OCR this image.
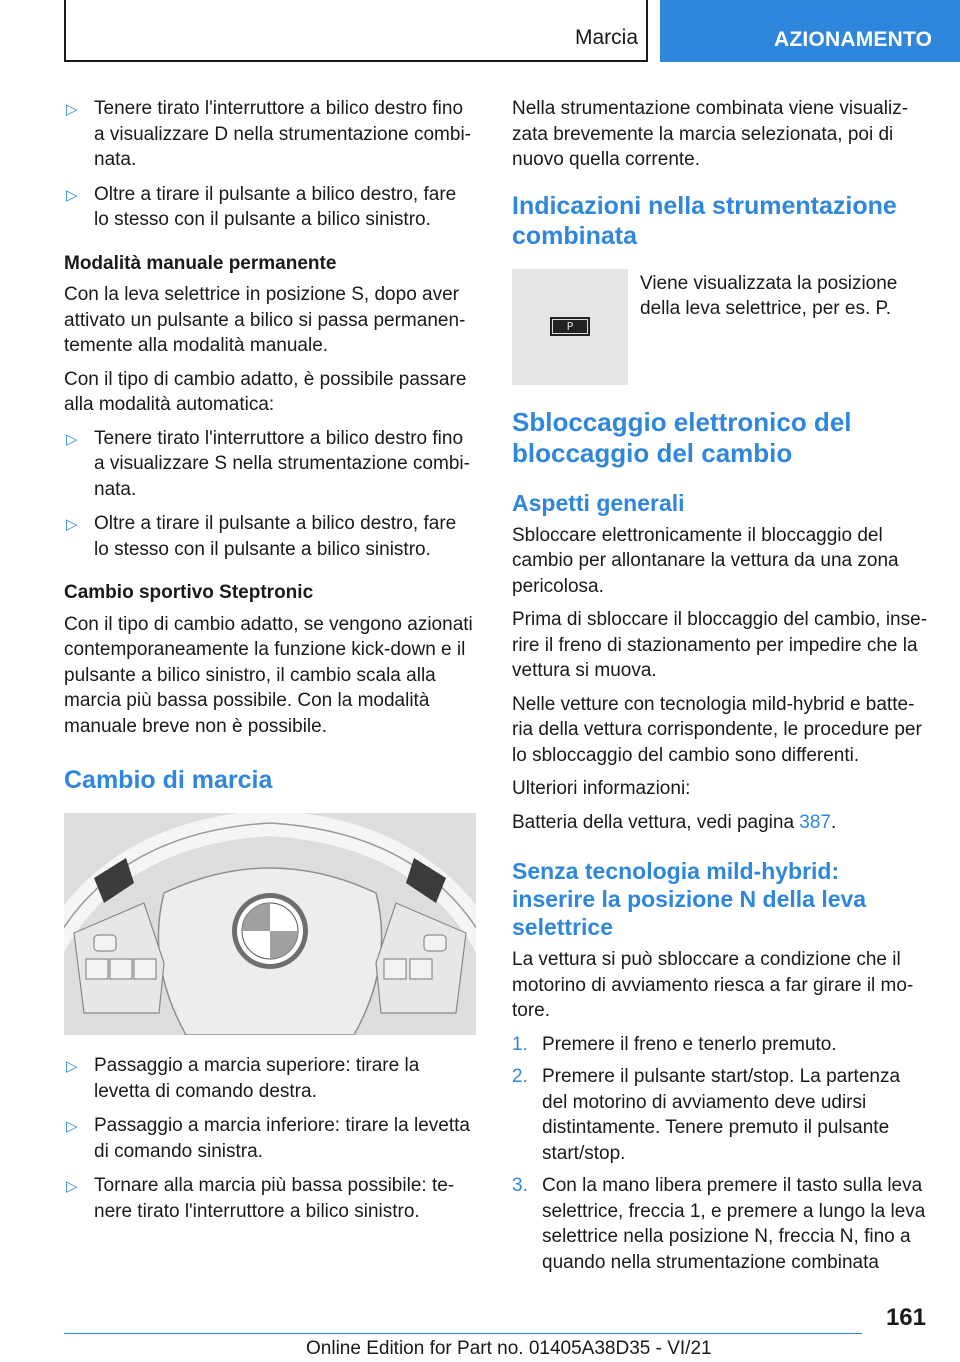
Marcia	AZIONAMENTO
▷ Tenere tirato l'interruttore a bilico destro fino a visualizzare D nella strumentazione combinata.
▷ Oltre a tirare il pulsante a bilico destro, fare lo stesso con il pulsante a bilico sinistro.
Modalità manuale permanente

Con la leva selettrice in posizione S, dopo aver attivato un pulsante a bilico si passa permanentemente alla modalità manuale.

Con il tipo di cambio adatto, è possibile passare alla modalità automatica:

▷ Tenere tirato l'interruttore a bilico destro fino a visualizzare S nella strumentazione combinata.
▷ Oltre a tirare il pulsante a bilico destro, fare lo stesso con il pulsante a bilico sinistro.
Cambio sportivo Steptronic

Con il tipo di cambio adatto, se vengono azionati contemporaneamente la funzione kick-down e il pulsante a bilico sinistro, il cambio scala alla marcia più bassa possibile. Con la modalità manuale breve non è possibile.

Cambio di marcia
▷ Passaggio a marcia superiore: tirare la levetta di comando destra.
▷ Passaggio a marcia inferiore: tirare la levetta di comando sinistra.
▷ Tornare alla marcia più bassa possibile: tenere tirato l'interruttore a bilico sinistro.

Nella strumentazione combinata viene visualizzata brevemente la marcia selezionata, poi di nuovo quella corrente.

Indicazioni nella strumentazione combinata
P
Viene visualizzata la posizione della leva selettrice, per es. P.
Sbloccaggio elettronico del bloccaggio del cambio
Aspetti generali

Sbloccare elettronicamente il bloccaggio del cambio per allontanare la vettura da una zona pericolosa.

Prima di sbloccare il bloccaggio del cambio, inserire il freno di stazionamento per impedire che la vettura si muova.

Nelle vetture con tecnologia mild-hybrid e batteria della vettura corrispondente, le procedure per lo sbloccaggio del cambio sono differenti.

Ulteriori informazioni:

Batteria della vettura, vedi pagina 387.

Senza tecnologia mild-hybrid: inserire la posizione N della leva selettrice

La vettura si può sbloccare a condizione che il motorino di avviamento riesca a far girare il motore.

1. Premere il freno e tenerlo premuto.
2. Premere il pulsante start/stop. La partenza del motorino di avviamento deve udirsi distintamente. Tenere premuto il pulsante start/stop.
3. Con la mano libera premere il tasto sulla leva selettrice, freccia 1, e premere a lungo la leva selettrice nella posizione N, freccia N, fino a quando nella strumentazione combinata
161
Online Edition for Part no. 01405A38D35 - VI/21
